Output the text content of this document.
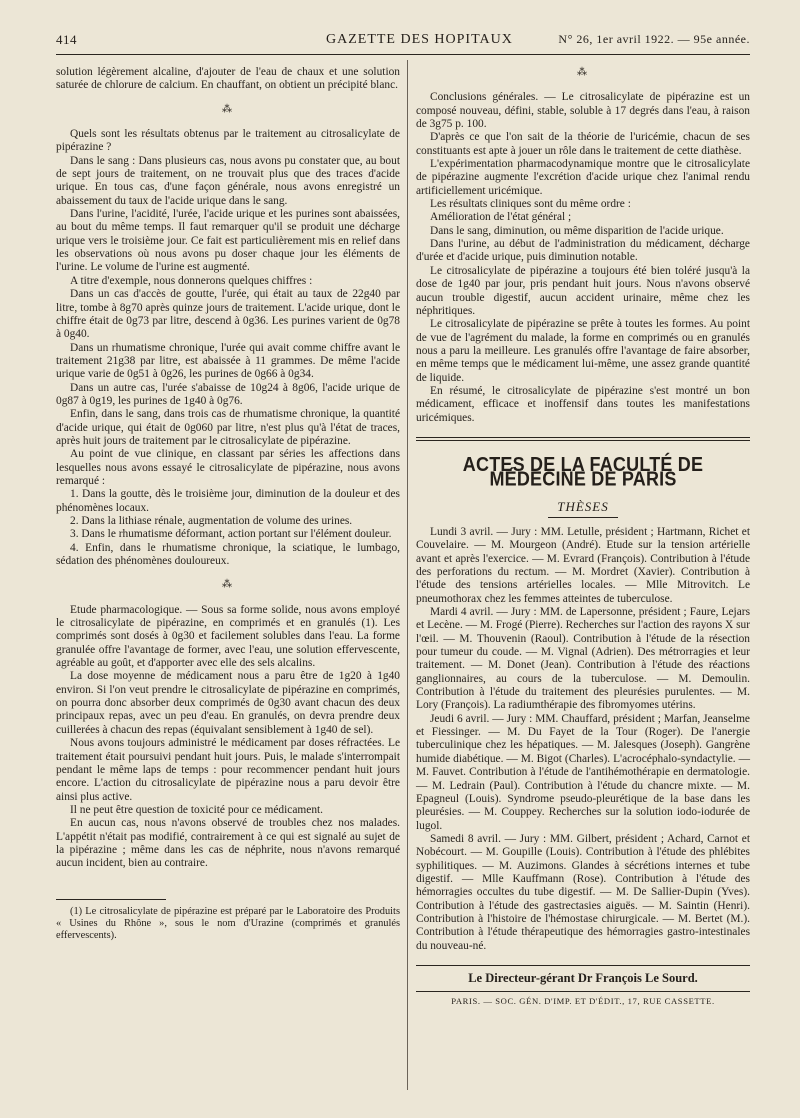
414	GAZETTE DES HOPITAUX	N° 26, 1er avril 1922. — 95e année.

solution légèrement alcaline, d'ajouter de l'eau de chaux et une solution saturée de chlorure de calcium. En chauffant, on obtient un précipité blanc.

⁂

Quels sont les résultats obtenus par le traitement au citrosalicylate de pipérazine ?

Dans le sang : Dans plusieurs cas, nous avons pu constater que, au bout de sept jours de traitement, on ne trouvait plus que des traces d'acide urique. En tous cas, d'une façon générale, nous avons enregistré un abaissement du taux de l'acide urique dans le sang.

Dans l'urine, l'acidité, l'urée, l'acide urique et les purines sont abaissées, au bout du même temps. Il faut remarquer qu'il se produit une décharge urique vers le troisième jour. Ce fait est particulièrement mis en relief dans les observations où nous avons pu doser chaque jour les éléments de l'urine. Le volume de l'urine est augmenté.

A titre d'exemple, nous donnerons quelques chiffres :

Dans un cas d'accès de goutte, l'urée, qui était au taux de 22g40 par litre, tombe à 8g70 après quinze jours de traitement. L'acide urique, dont le chiffre était de 0g73 par litre, descend à 0g36. Les purines varient de 0g78 à 0g40.

Dans un rhumatisme chronique, l'urée qui avait comme chiffre avant le traitement 21g38 par litre, est abaissée à 11 grammes. De même l'acide urique varie de 0g51 à 0g26, les purines de 0g66 à 0g34.

Dans un autre cas, l'urée s'abaisse de 10g24 à 8g06, l'acide urique de 0g87 à 0g19, les purines de 1g40 à 0g76.

Enfin, dans le sang, dans trois cas de rhumatisme chronique, la quantité d'acide urique, qui était de 0g060 par litre, n'est plus qu'à l'état de traces, après huit jours de traitement par le citrosalicylate de pipérazine.

Au point de vue clinique, en classant par séries les affections dans lesquelles nous avons essayé le citrosalicylate de pipérazine, nous avons remarqué :

1. Dans la goutte, dès le troisième jour, diminution de la douleur et des phénomènes locaux.

2. Dans la lithiase rénale, augmentation de volume des urines.

3. Dans le rhumatisme déformant, action portant sur l'élément douleur.

4. Enfin, dans le rhumatisme chronique, la sciatique, le lumbago, sédation des phénomènes douloureux.

⁂

Etude pharmacologique. — Sous sa forme solide, nous avons employé le citrosalicylate de pipérazine, en comprimés et en granulés (1). Les comprimés sont dosés à 0g30 et facilement solubles dans l'eau. La forme granulée offre l'avantage de former, avec l'eau, une solution effervescente, agréable au goût, et d'apporter avec elle des sels alcalins.

La dose moyenne de médicament nous a paru être de 1g20 à 1g40 environ. Si l'on veut prendre le citrosalicylate de pipérazine en comprimés, on pourra donc absorber deux comprimés de 0g30 avant chacun des deux principaux repas, avec un peu d'eau. En granulés, on devra prendre deux cuillerées à chacun des repas (équivalant sensiblement à 1g40 de sel).

Nous avons toujours administré le médicament par doses réfractées. Le traitement était poursuivi pendant huit jours. Puis, le malade s'interrompait pendant le même laps de temps : pour recommencer pendant huit jours encore. L'action du citrosalicylate de pipérazine nous a paru devoir être ainsi plus active.

Il ne peut être question de toxicité pour ce médicament.

En aucun cas, nous n'avons observé de troubles chez nos malades. L'appétit n'était pas modifié, contrairement à ce qui est signalé au sujet de la pipérazine ; même dans les cas de néphrite, nous n'avons remarqué aucun incident, bien au contraire.

(1) Le citrosalicylate de pipérazine est préparé par le Laboratoire des Produits « Usines du Rhône », sous le nom d'Urazine (comprimés et granulés effervescents).

⁂

Conclusions générales. — Le citrosalicylate de pipérazine est un composé nouveau, défini, stable, soluble à 17 degrés dans l'eau, à raison de 3g75 p. 100.

D'après ce que l'on sait de la théorie de l'uricémie, chacun de ses constituants est apte à jouer un rôle dans le traitement de cette diathèse.

L'expérimentation pharmacodynamique montre que le citrosalicylate de pipérazine augmente l'excrétion d'acide urique chez l'animal rendu artificiellement uricémique.

Les résultats cliniques sont du même ordre :

Amélioration de l'état général ;

Dans le sang, diminution, ou même disparition de l'acide urique.

Dans l'urine, au début de l'administration du médicament, décharge d'urée et d'acide urique, puis diminution notable.

Le citrosalicylate de pipérazine a toujours été bien toléré jusqu'à la dose de 1g40 par jour, pris pendant huit jours. Nous n'avons observé aucun trouble digestif, aucun accident urinaire, même chez les néphritiques.

Le citrosalicylate de pipérazine se prête à toutes les formes. Au point de vue de l'agrément du malade, la forme en comprimés ou en granulés nous a paru la meilleure. Les granulés offre l'avantage de faire absorber, en même temps que le médicament lui-même, une assez grande quantité de liquide.

En résumé, le citrosalicylate de pipérazine s'est montré un bon médicament, efficace et inoffensif dans toutes les manifestations uricémiques.

ACTES DE LA FACULTÉ DE MÉDECINE DE PARIS
THÈSES

Lundi 3 avril. — Jury : MM. Letulle, président ; Hartmann, Richet et Couvelaire. — M. Mourgeon (André). Etude sur la tension artérielle avant et après l'exercice. — M. Evrard (François). Contribution à l'étude des perforations du rectum. — M. Mordret (Xavier). Contribution à l'étude des tensions artérielles locales. — Mlle Mitrovitch. Le pneumothorax chez les femmes atteintes de tuberculose.

Mardi 4 avril. — Jury : MM. de Lapersonne, président ; Faure, Lejars et Lecène. — M. Frogé (Pierre). Recherches sur l'action des rayons X sur l'œil. — M. Thouvenin (Raoul). Contribution à l'étude de la résection pour tumeur du coude. — M. Vignal (Adrien). Des métrorragies et leur traitement. — M. Donet (Jean). Contribution à l'étude des réactions ganglionnaires, au cours de la tuberculose. — M. Demoulin. Contribution à l'étude du traitement des pleurésies purulentes. — M. Lory (François). La radiumthérapie des fibromyomes utérins.

Jeudi 6 avril. — Jury : MM. Chauffard, président ; Marfan, Jeanselme et Fiessinger. — M. Du Fayet de la Tour (Roger). De l'anergie tuberculinique chez les hépatiques. — M. Jalesques (Joseph). Gangrène humide diabétique. — M. Bigot (Charles). L'acrocéphalo-syndactylie. — M. Fauvet. Contribution à l'étude de l'antihémothérapie en dermatologie. — M. Ledrain (Paul). Contribution à l'étude du chancre mixte. — M. Epagneul (Louis). Syndrome pseudo-pleurétique de la base dans les pleurésies. — M. Couppey. Recherches sur la solution iodo-iodurée de lugol.

Samedi 8 avril. — Jury : MM. Gilbert, président ; Achard, Carnot et Nobécourt. — M. Goupille (Louis). Contribution à l'étude des phlébites syphilitiques. — M. Auzimons. Glandes à sécrétions internes et tube digestif. — Mlle Kauffmann (Rose). Contribution à l'étude des hémorragies occultes du tube digestif. — M. De Sallier-Dupin (Yves). Contribution à l'étude des gastrectasies aiguës. — M. Saintin (Henri). Contribution à l'histoire de l'hémostase chirurgicale. — M. Bertet (M.). Contribution à l'étude thérapeutique des hémorragies gastro-intestinales du nouveau-né.

Le Directeur-gérant Dr François Le Sourd.
PARIS. — SOC. GÉN. D'IMP. ET D'ÉDIT., 17, RUE CASSETTE.
